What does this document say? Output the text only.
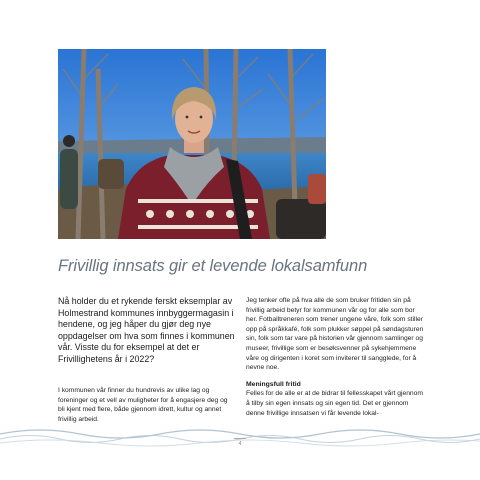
Frivillig innsats gir et levende lokalsamfunn

Nå holder du et rykende ferskt eksemplar av Holmestrand kommunes innbyggermagasin i hendene, og jeg håper du gjør deg nye oppdagelser om hva som finnes i kommunen vår. Visste du for eksempel at det er Frivillighetens år i 2022?

I kommunen vår finner du hundrevis av ulike lag og foreninger og et vell av muligheter for å engasjere deg og bli kjent med flere, både gjennom idrett, kultur og annet frivillig arbeid.

Jeg tenker ofte på hva alle de som bruker fritiden sin på frivillig arbeid betyr for kommunen vår og for alle som bor her. Fotballtreneren som trener ungene våre, folk som stiller opp på språkkafé, folk som plukker søppel på søndagsturen sin, folk som tar vare på historien vår gjennom samlinger og museer, frivillige som er besøksvenner på sykehjemmene våre og dirigenten i koret som inviterer til sangglede, for å nevne noe.

Meningsfull fritid

Felles for de alle er at de bidrar til fellesskapet vårt gjennom å tilby sin egen innsats og sin egen tid. Det er gjennom denne frivillige innsatsen vi får levende lokal-

4
